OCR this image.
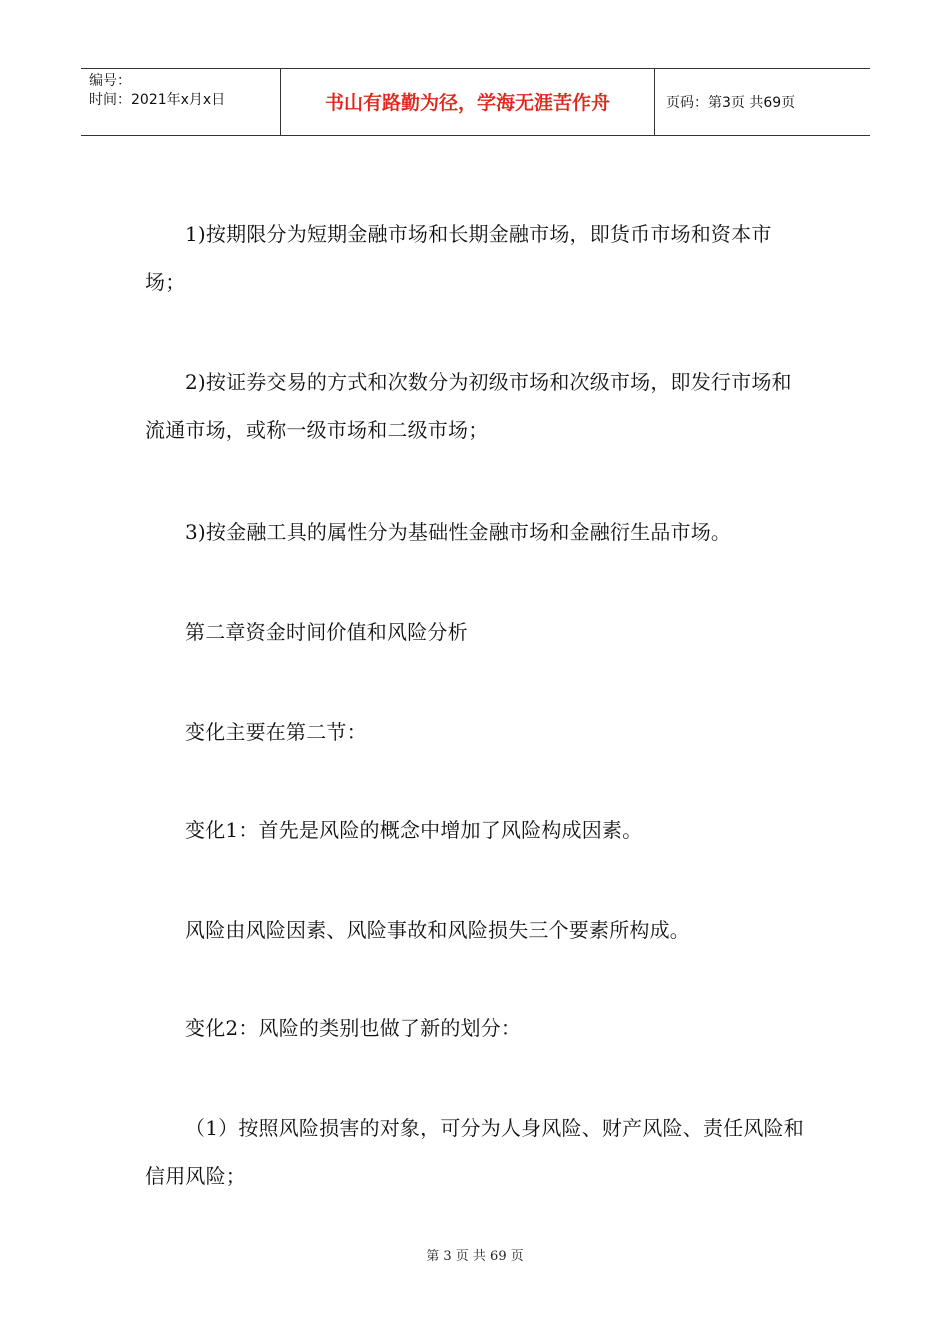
编号：
时间：2021年x月x日	书山有路勤为径，学海无涯苦作舟	页码：第3页 共69页

1)按期限分为短期金融市场和长期金融市场，即货币市场和资本市场；

2)按证券交易的方式和次数分为初级市场和次级市场，即发行市场和流通市场，或称一级市场和二级市场；

3)按金融工具的属性分为基础性金融市场和金融衍生品市场。

第二章资金时间价值和风险分析

变化主要在第二节：

变化1：首先是风险的概念中增加了风险构成因素。

风险由风险因素、风险事故和风险损失三个要素所构成。

变化2：风险的类别也做了新的划分：

（1）按照风险损害的对象，可分为人身风险、财产风险、责任风险和信用风险；

第 3 页 共 69 页
